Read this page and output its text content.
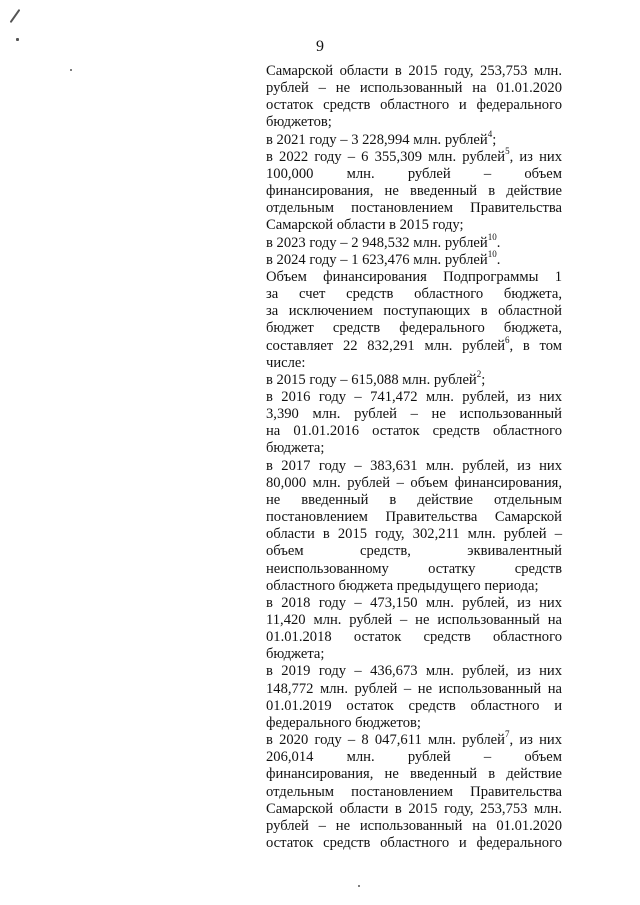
9

Самарской области в 2015 году, 253,753 млн.
рублей – не использованный на 01.01.2020
остаток средств областного и федерального
бюджетов;

в 2021 году – 3 228,994 млн. рублей$^4$;

в 2022 году – 6 355,309 млн. рублей$^5$, из них
100,000 млн. рублей – объем
финансирования, не введенный в действие
отдельным постановлением Правительства
Самарской области в 2015 году;

в 2023 году – 2 948,532 млн. рублей$^{10}$.

в 2024 году – 1 623,476 млн. рублей$^{10}$.

Объем финансирования Подпрограммы 1
за счет средств областного бюджета,
за исключением поступающих в областной
бюджет средств федерального бюджета,
составляет 22 832,291 млн. рублей$^6$, в том
числе:

в 2015 году – 615,088 млн. рублей$^2$;

в 2016 году – 741,472 млн. рублей, из них
3,390 млн. рублей – не использованный
на 01.01.2016 остаток средств областного
бюджета;

в 2017 году – 383,631 млн. рублей, из них
80,000 млн. рублей – объем финансирования,
не введенный в действие отдельным
постановлением Правительства Самарской
области в 2015 году, 302,211 млн. рублей –
объем	средств,	эквивалентный
неиспользованному остатку средств
областного бюджета предыдущего периода;

в 2018 году – 473,150 млн. рублей, из них
11,420 млн. рублей – не использованный на
01.01.2018 остаток средств областного
бюджета;

в 2019 году – 436,673 млн. рублей, из них
148,772 млн. рублей – не использованный на
01.01.2019 остаток средств областного и
федерального бюджетов;

в 2020 году – 8 047,611 млн. рублей$^7$, из них
206,014 млн. рублей – объем
финансирования, не введенный в действие
отдельным постановлением Правительства
Самарской области в 2015 году, 253,753 млн.
рублей – не использованный на 01.01.2020
остаток средств областного и федерального
